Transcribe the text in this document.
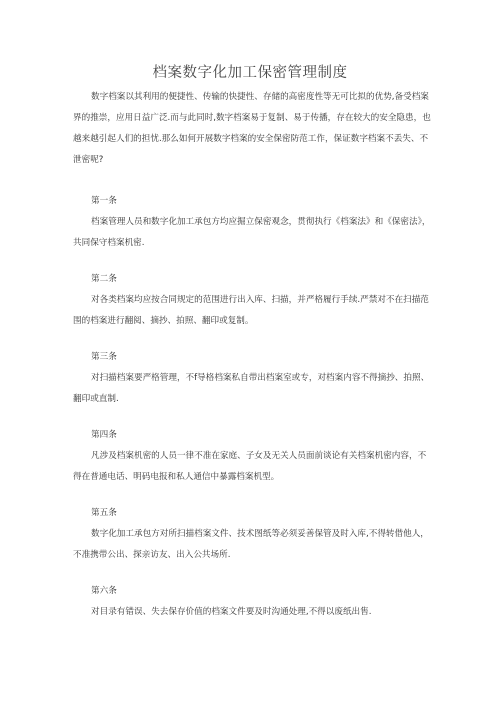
档案数字化加工保密管理制度

数字档案以其利用的便捷性、传输的快捷性、存储的高密度性等无可比拟的优势,备受档案界的推崇，应用日益广泛.而与此同时,数字档案易于复制、易于传播，存在较大的安全隐患，也越来越引起人们的担忧.那么如何开展数字档案的安全保密防范工作，保证数字档案不丢失、不泄密呢?

第一条

档案管理人员和数字化加工承包方均应掘立保密观念，贯彻执行《档案法》和《保密法》，共同保守档案机密.

第二条

对各类档案均应按合同规定的范围进行出入库、扫描，并严格履行手续.严禁对不在扫描范围的档案进行翻阅、摘抄、拍照、翻印或复制。

第三条

对扫描档案要严格管理，不f导格档案私自带出档案室或专，对档案内容不得摘抄、拍照、翻印或直制.

第四条

凡涉及档案机密的人员一律不准在家庭、子女及无关人员面前谈论有关档案机密内容，不得在普通电话、明码电报和私人通信中暴露档案机型。

第五条

数字化加工承包方对所扫描档案文件、技术图纸等必须妥善保管及时入库,不得转借他人，不准携带公出、探亲访友、出入公共场所.

第六条

对目录有错误、失去保存价值的档案文件要及时沟通处理,不得以废纸出售.
